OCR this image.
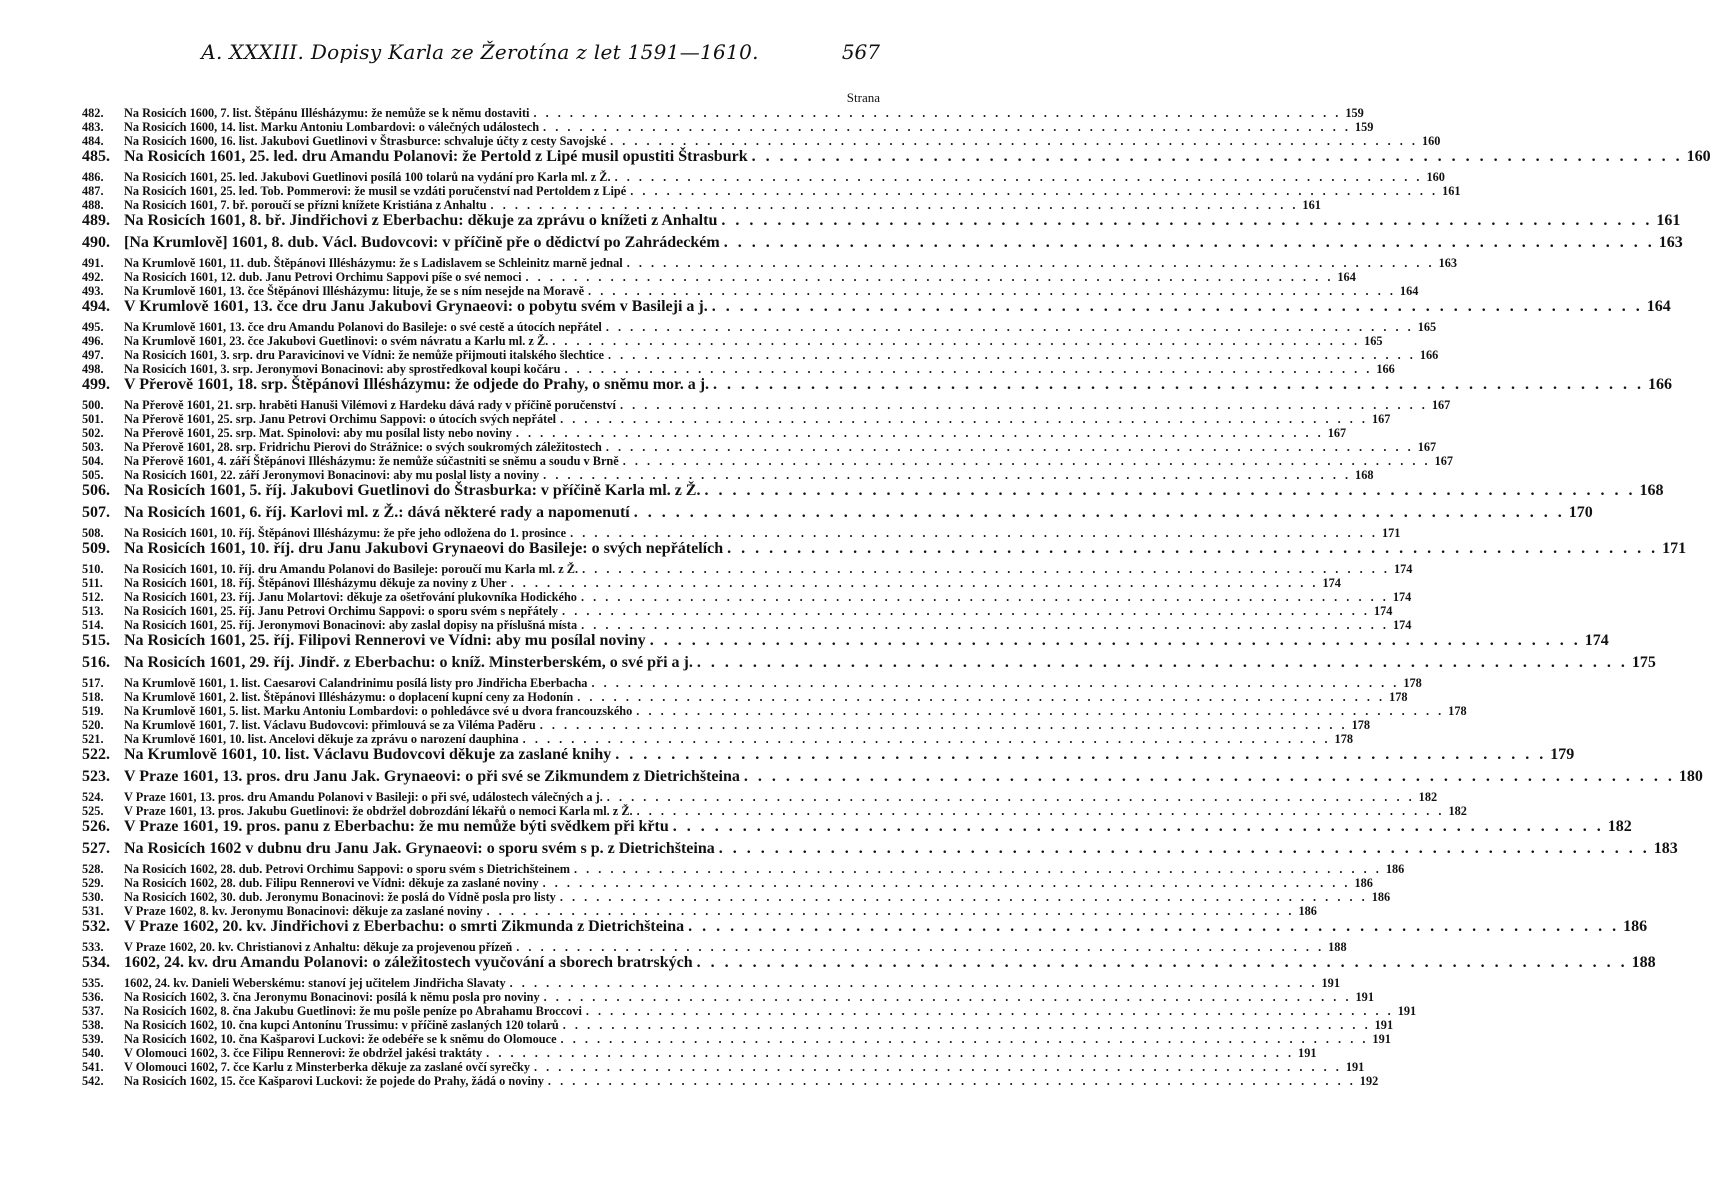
A. XXXIII. Dopisy Karla ze Žerotína z let 1591—1610.	567
Strana
482.	Na Rosicích 1600, 7. list. Štěpánu Illésházymu: že nemůže se k němu dostaviti . . .	159
483.	Na Rosicích 1600, 14. list. Marku Antoniu Lombardovi: o válečných událostech . . .	159
484.	Na Rosicích 1600, 16. list. Jakubovi Guetlinovi v Štrasburce: schvaluje účty z cesty Savojské . . .	160
485. Na Rosicích 1601, 25. led. dru Amandu Polanovi: že Pertold z Lipé musil opustiti Štrasburk . . .	160
486.	Na Rosicích 1601, 25. led. Jakubovi Guetlinovi posílá 100 tolarů na vydání pro Karla ml. z Ž. . . .	160
487.	Na Rosicích 1601, 25. led. Tob. Pommerovi: že musil se vzdáti poručenství nad Pertoldem z Lipé . . .	161
488.	Na Rosicích 1601, 7. bř. poroučí se přízni knížete Kristiána z Anhaltu . . .	161
489. Na Rosicích 1601, 8. bř. Jindřichovi z Eberbachu: děkuje za zprávu o knížeti z Anhaltu . . .	161
490. [Na Krumlově] 1601, 8. dub. Václ. Budovcovi: v příčině pře o dědictví po Zahrádeckém . . .	163
491.	Na Krumlově 1601, 11. dub. Štěpánovi Illésházymu: že s Ladislavem se Schleinitz marně jednal . . .	163
492.	Na Rosicích 1601, 12. dub. Janu Petrovi Orchimu Sappovi píše o své nemoci . . .	164
493.	Na Krumlově 1601, 13. čce Štěpánovi Illésházymu: lituje, že se s ním nesejde na Moravě . . .	164
494. V Krumlově 1601, 13. čce dru Janu Jakubovi Grynaeovi: o pobytu svém v Basileji a j. . . .	164
495.	Na Krumlově 1601, 13. čce dru Amandu Polanovi do Basileje: o své cestě a útocích nepřátel . . .	165
496.	Na Krumlově 1601, 23. čce Jakubovi Guetlinovi: o svém návratu a Karlu ml. z Ž. . . .	165
497.	Na Rosicích 1601, 3. srp. dru Paravicinovi ve Vídni: že nemůže přijmouti italského šlechtice . . .	166
498.	Na Rosicích 1601, 3. srp. Jeronymovi Bonacinovi: aby sprostředkoval koupi kočáru . . .	166
499. V Přerově 1601, 18. srp. Štěpánovi Illésházymu: že odjede do Prahy, o sněmu mor. a j. . . .	166
500.	Na Přerově 1601, 21. srp. hraběti Hanuši Vilémovi z Hardeku dává rady v příčině poručenství . . .	167
501.	Na Přerově 1601, 25. srp. Janu Petrovi Orchimu Sappovi: o útocích svých nepřátel . . .	167
502.	Na Přerově 1601, 25. srp. Mat. Spinolovi: aby mu posílal listy nebo noviny . . .	167
503.	Na Přerově 1601, 28. srp. Fridrichu Pierovi do Strážnice: o svých soukromých záležitostech . . .	167
504.	Na Přerově 1601, 4. září Štěpánovi Illésházymu: že nemůže súčastniti se sněmu a soudu v Brně . . .	167
505.	Na Rosicích 1601, 22. září Jeronymovi Bonacinovi: aby mu poslal listy a noviny . . .	168
506. Na Rosicích 1601, 5. říj. Jakubovi Guetlinovi do Štrasburka: v příčině Karla ml. z Ž. . . .	168
507. Na Rosicích 1601, 6. říj. Karlovi ml. z Ž.: dává některé rady a napomenutí . . .	170
508.	Na Rosicích 1601, 10. říj. Štěpánovi Illésházymu: že pře jeho odložena do 1. prosince . . .	171
509. Na Rosicích 1601, 10. říj. dru Janu Jakubovi Grynaeovi do Basileje: o svých nepřátelích . . .	171
510.	Na Rosicích 1601, 10. říj. dru Amandu Polanovi do Basileje: poroučí mu Karla ml. z Ž. . . .	174
511.	Na Rosicích 1601, 18. říj. Štěpánovi Illésházymu děkuje za noviny z Uher . . .	174
512.	Na Rosicích 1601, 23. říj. Janu Molartovi: děkuje za ošetřování plukovníka Hodického . . .	174
513.	Na Rosicích 1601, 25. říj. Janu Petrovi Orchimu Sappovi: o sporu svém s nepřátely . . .	174
514.	Na Rosicích 1601, 25. říj. Jeronymovi Bonacinovi: aby zaslal dopisy na příslušná místa . . .	174
515. Na Rosicích 1601, 25. říj. Filipovi Rennerovi ve Vídni: aby mu posílal noviny . . .	174
516. Na Rosicích 1601, 29. říj. Jindř. z Eberbachu: o kníž. Minsterberském, o své při a j. . . .	175
517.	Na Krumlově 1601, 1. list. Caesarovi Calandrinimu posílá listy pro Jindřicha Eberbacha . . .	178
518.	Na Krumlově 1601, 2. list. Štěpánovi Illésházymu: o doplacení kupní ceny za Hodonín . . .	178
519.	Na Krumlově 1601, 5. list. Marku Antoniu Lombardovi: o pohledávce své u dvora francouzského . . .	178
520.	Na Krumlově 1601, 7. list. Václavu Budovcovi: přimlouvá se za Viléma Paděru . . .	178
521.	Na Krumlově 1601, 10. list. Ancelovi děkuje za zprávu o narození dauphina . . .	178
522. Na Krumlově 1601, 10. list. Václavu Budovcovi děkuje za zaslané knihy . . .	179
523. V Praze 1601, 13. pros. dru Janu Jak. Grynaeovi: o při své se Zikmundem z Dietrichšteina . . .	180
524.	V Praze 1601, 13. pros. dru Amandu Polanovi v Basileji: o při své, událostech válečných a j. . . .	182
525.	V Praze 1601, 13. pros. Jakubu Guetlinovi: že obdržel dobrozdání lékařů o nemoci Karla ml. z Ž. . . .	182
526. V Praze 1601, 19. pros. panu z Eberbachu: že mu nemůže býti svědkem při křtu . . .	182
527. Na Rosicích 1602 v dubnu dru Janu Jak. Grynaeovi: o sporu svém s p. z Dietrichšteina . . .	183
528.	Na Rosicích 1602, 28. dub. Petrovi Orchimu Sappovi: o sporu svém s Dietrichšteinem . . .	186
529.	Na Rosicích 1602, 28. dub. Filipu Rennerovi ve Vídni: děkuje za zaslané noviny . . .	186
530.	Na Rosicích 1602, 30. dub. Jeronymu Bonacinovi: že poslá do Vídně posla pro listy . . .	186
531.	V Praze 1602, 8. kv. Jeronymu Bonacinovi: děkuje za zaslané noviny . . .	186
532. V Praze 1602, 20. kv. Jindřichovi z Eberbachu: o smrti Zikmunda z Dietrichšteina . . .	186
533.	V Praze 1602, 20. kv. Christianovi z Anhaltu: děkuje za projevenou přízeň . . .	188
534. 1602, 24. kv. dru Amandu Polanovi: o záležitostech vyučování a sborech bratrských . . .	188
535.	1602, 24. kv. Danieli Weberskému: stanoví jej učitelem Jindřicha Slavaty . . .	191
536.	Na Rosicích 1602, 3. čna Jeronymu Bonacinovi: posílá k němu posla pro noviny . . .	191
537.	Na Rosicích 1602, 8. čna Jakubu Guetlinovi: že mu pošle peníze po Abrahamu Broccovi . . .	191
538.	Na Rosicích 1602, 10. čna kupci Antonínu Trussimu: v příčině zaslaných 120 tolarů . . .	191
539.	Na Rosicích 1602, 10. čna Kašparovi Luckovi: že odebéře se k sněmu do Olomouce . . .	191
540.	V Olomouci 1602, 3. čce Filipu Rennerovi: že obdržel jakési traktáty . . .	191
541.	V Olomouci 1602, 7. čce Karlu z Minsterberka děkuje za zaslané ovčí syrečky . . .	191
542.	Na Rosicích 1602, 15. čce Kašparovi Luckovi: že pojede do Prahy, žádá o noviny . . .	192
